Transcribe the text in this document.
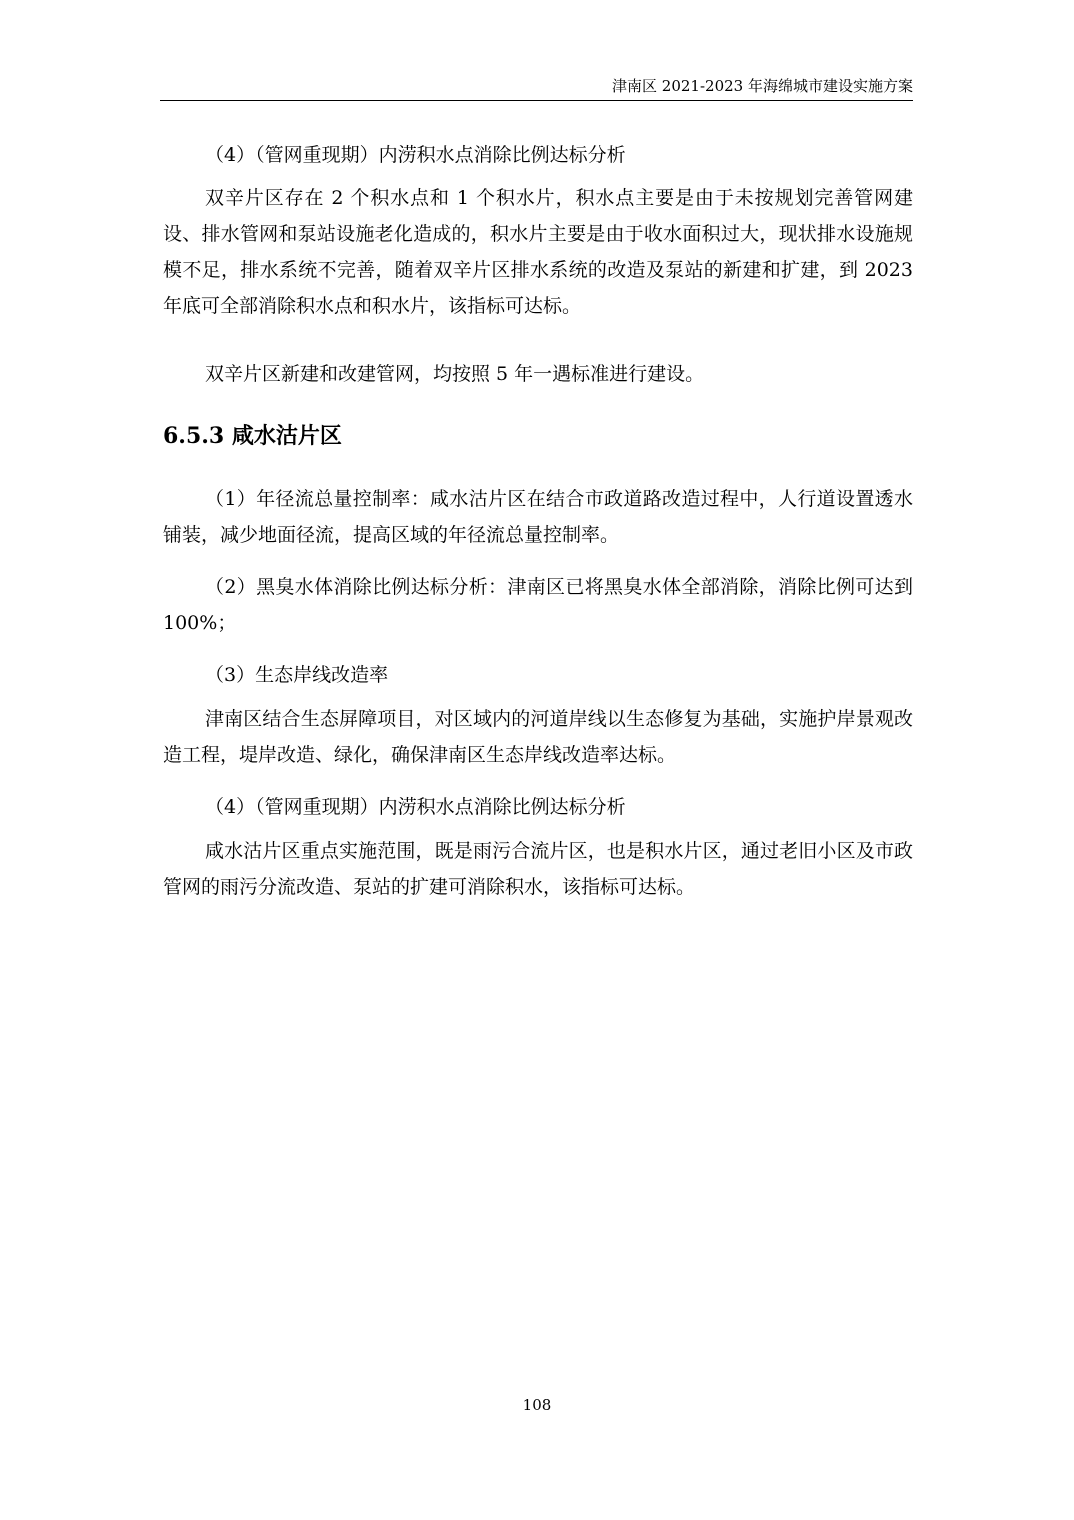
津南区 2021-2023 年海绵城市建设实施方案

（4）（管网重现期）内涝积水点消除比例达标分析

双辛片区存在 2 个积水点和 1 个积水片，积水点主要是由于未按规划完善管网建设、排水管网和泵站设施老化造成的，积水片主要是由于收水面积过大，现状排水设施规模不足，排水系统不完善，随着双辛片区排水系统的改造及泵站的新建和扩建，到 2023 年底可全部消除积水点和积水片，该指标可达标。

双辛片区新建和改建管网，均按照 5 年一遇标准进行建设。

6.5.3 咸水沽片区

（1）年径流总量控制率：咸水沽片区在结合市政道路改造过程中，人行道设置透水铺装，减少地面径流，提高区域的年径流总量控制率。

（2）黑臭水体消除比例达标分析：津南区已将黑臭水体全部消除，消除比例可达到 100%；

（3）生态岸线改造率

津南区结合生态屏障项目，对区域内的河道岸线以生态修复为基础，实施护岸景观改造工程，堤岸改造、绿化，确保津南区生态岸线改造率达标。

（4）（管网重现期）内涝积水点消除比例达标分析

咸水沽片区重点实施范围，既是雨污合流片区，也是积水片区，通过老旧小区及市政管网的雨污分流改造、泵站的扩建可消除积水，该指标可达标。

108
